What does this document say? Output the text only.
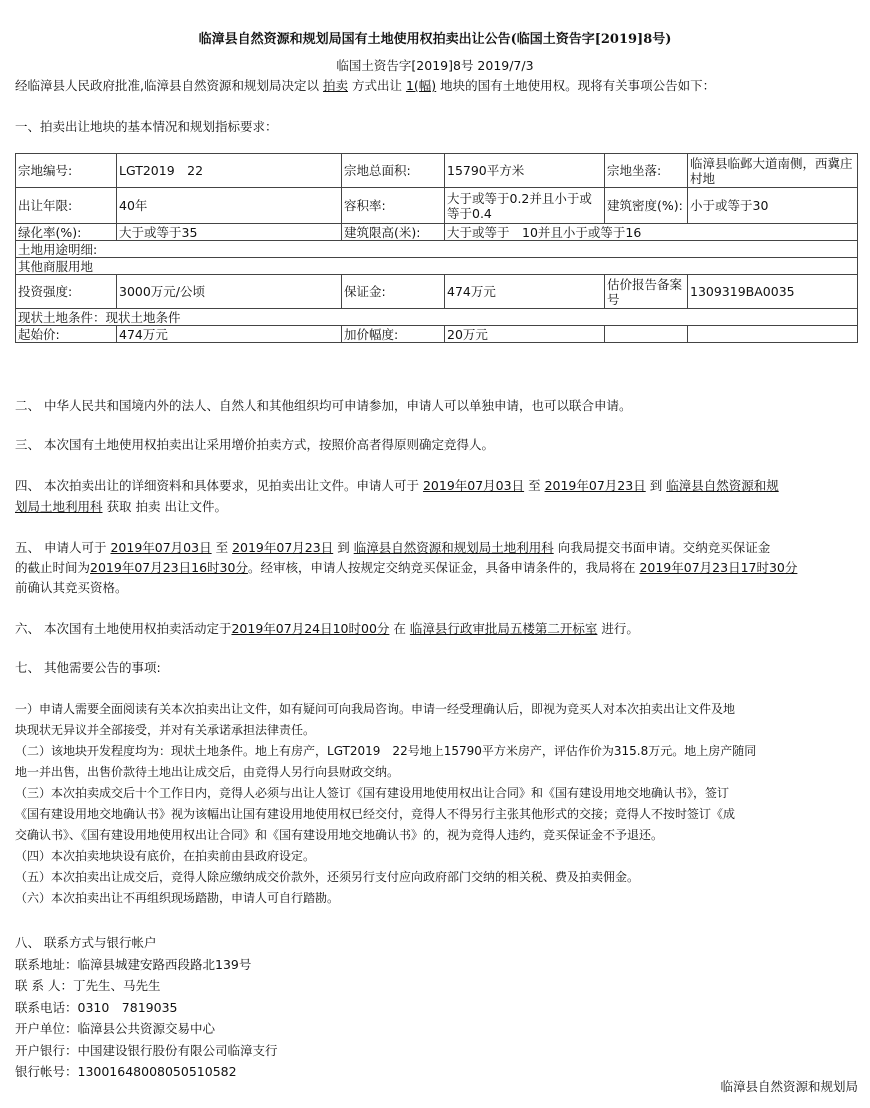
临漳县自然资源和规划局国有土地使用权拍卖出让公告(临国土资告字[2019]8号)
临国土资告字[2019]8号 2019/7/3
经临漳县人民政府批准,临漳县自然资源和规划局决定以 拍卖 方式出让 1(幅) 地块的国有土地使用权。现将有关事项公告如下：
一、拍卖出让地块的基本情况和规划指标要求：
宗地编号:	LGT2019　22	宗地总面积:	15790平方米	宗地坐落:	临漳县临邺大道南侧，西冀庄村地
出让年限:	40年	容积率:	大于或等于0.2并且小于或等于0.4	建筑密度(%):	小于或等于30
绿化率(%):	大于或等于35	建筑限高(米):	大于或等于　10并且小于或等于16		
土地用途明细:					
其他商服用地					
投资强度:	3000万元/公顷	保证金:	474万元	估价报告备案号	1309319BA0035
现状土地条件：现状土地条件					
起始价:	474万元	加价幅度:	20万元		
二、 中华人民共和国境内外的法人、自然人和其他组织均可申请参加，申请人可以单独申请，也可以联合申请。
三、 本次国有土地使用权拍卖出让采用增价拍卖方式，按照价高者得原则确定竞得人。
四、 本次拍卖出让的详细资料和具体要求，见拍卖出让文件。申请人可于 2019年07月03日 至 2019年07月23日 到 临漳县自然资源和规
划局土地利用科 获取 拍卖 出让文件。
五、 申请人可于 2019年07月03日 至 2019年07月23日 到 临漳县自然资源和规划局土地利用科 向我局提交书面申请。交纳竞买保证金
的截止时间为2019年07月23日16时30分。经审核，申请人按规定交纳竞买保证金，具备申请条件的，我局将在 2019年07月23日17时30分
前确认其竞买资格。
六、 本次国有土地使用权拍卖活动定于2019年07月24日10时00分 在 临漳县行政审批局五楼第二开标室 进行。
七、 其他需要公告的事项:
一）申请人需要全面阅读有关本次拍卖出让文件，如有疑问可向我局咨询。申请一经受理确认后，即视为竞买人对本次拍卖出让文件及地
块现状无异议并全部接受，并对有关承诺承担法律责任。
（二）该地块开发程度均为：现状土地条件。地上有房产，LGT2019　22号地上15790平方米房产，评估作价为315.8万元。地上房产随同
地一并出售，出售价款待土地出让成交后，由竞得人另行向县财政交纳。
（三）本次拍卖成交后十个工作日内，竞得人必须与出让人签订《国有建设用地使用权出让合同》和《国有建设用地交地确认书》，签订
《国有建设用地交地确认书》视为该幅出让国有建设用地使用权已经交付，竞得人不得另行主张其他形式的交接；竞得人不按时签订《成
交确认书》、《国有建设用地使用权出让合同》和《国有建设用地交地确认书》的，视为竞得人违约，竞买保证金不予退还。
（四）本次拍卖地块设有底价，在拍卖前由县政府设定。
（五）本次拍卖出让成交后，竞得人除应缴纳成交价款外，还须另行支付应向政府部门交纳的相关税、费及拍卖佣金。
（六）本次拍卖出让不再组织现场踏勘，申请人可自行踏勘。
八、 联系方式与银行帐户
联系地址：临漳县城建安路西段路北139号
联 系 人：丁先生、马先生
联系电话：0310　7819035
开户单位：临漳县公共资源交易中心
开户银行：中国建设银行股份有限公司临漳支行
银行帐号：13001648008050510582
临漳县自然资源和规划局
